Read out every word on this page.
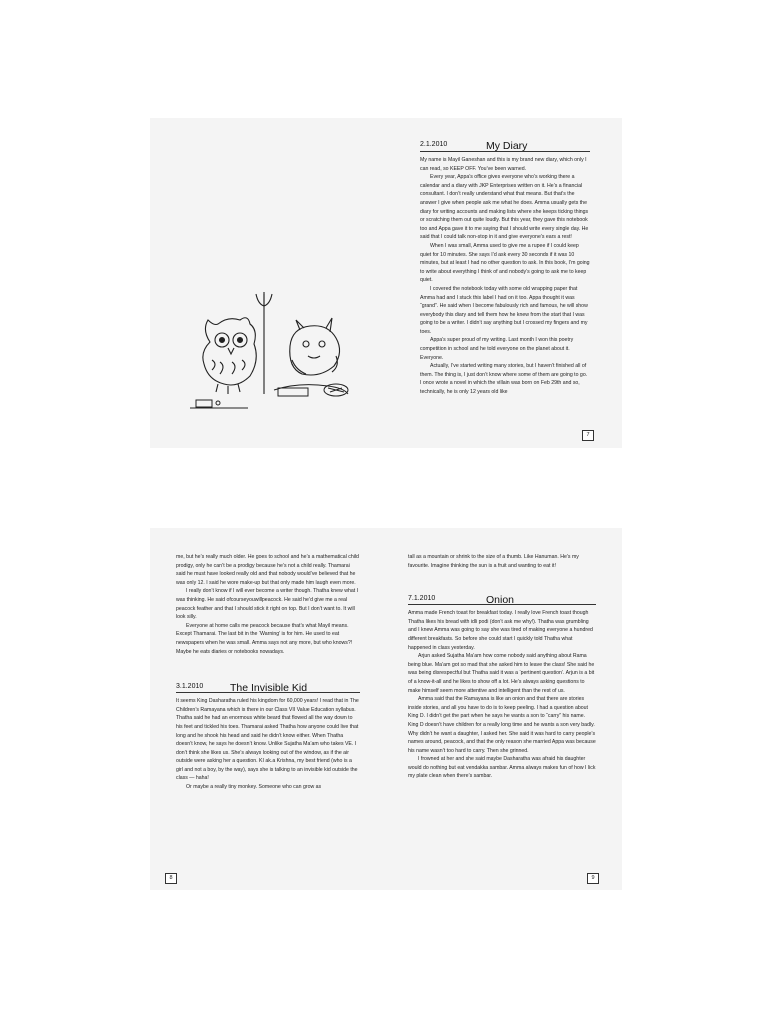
2.1.2010	My Diary

My name is Mayil Ganeshan and this is my brand new diary, which only I can read, so KEEP OFF. You’ve been warned.

Every year, Appa’s office gives everyone who’s working there a calendar and a diary with JKP Enterprises written on it. He’s a financial consultant. I don’t really understand what that means. But that’s the answer I give when people ask me what he does. Amma usually gets the diary for writing accounts and making lists where she keeps ticking things or scratching them out quite loudly. But this year, they gave this notebook too and Appa gave it to me saying that I should write every single day. He said that I could talk non-stop in it and give everyone’s ears a rest!

When I was small, Amma used to give me a rupee if I could keep quiet for 10 minutes. She says I’d ask every 30 seconds if it was 10 minutes, but at least I had no other question to ask. In this book, I’m going to write about everything I think of and nobody’s going to ask me to keep quiet.

I covered the notebook today with some old wrapping paper that Amma had and I stuck this label I had on it too. Appa thought it was “grand”. He said when I become fabulously rich and famous, he will show everybody this diary and tell them how he knew from the start that I was going to be a writer. I didn’t say anything but I crossed my fingers and my toes.

Appa’s super proud of my writing. Last month I won this poetry competition in school and he told everyone on the planet about it. Everyone.

Actually, I’ve started writing many stories, but I haven’t finished all of them. The thing is, I just don’t know where some of them are going to go. I once wrote a novel in which the villain was born on Feb 29th and so, technically, he is only 12 years old like

7

me, but he’s really much older. He goes to school and he’s a mathematical child prodigy, only he can’t be a prodigy because he’s not a child really. Thamarai said he must have looked really old and that nobody would’ve believed that he was only 12. I said he wore make-up but that only made him laugh even more.

I really don’t know if I will ever become a writer though. Thatha knew what I was thinking. He said ofcourseyouwillpeacock. He said he’d give me a real peacock feather and that I should stick it right on top. But I don’t want to. It will look silly.

Everyone at home calls me peacock because that’s what Mayil means. Except Thamarai. The last bit in the ‘Warning’ is for him. He used to eat newspapers when he was small. Amma says not any more, but who knows?! Maybe he eats diaries or notebooks nowadays.

3.1.2010	The Invisible Kid

It seems King Dasharatha ruled his kingdom for 60,000 years! I read that in The Children’s Ramayana which is there in our Class VII Value Education syllabus. Thatha said he had an enormous white beard that flowed all the way down to his feet and tickled his toes. Thamarai asked Thatha how anyone could live that long and he shook his head and said he didn’t know either. When Thatha doesn’t know, he says he doesn’t know. Unlike Sujatha Ma’am who takes VE. I don’t think she likes us. She’s always looking out of the window, as if the air outside were asking her a question. KI ak.a Krishna, my best friend (who is a girl and not a boy, by the way), says she is talking to an invisible kid outside the class — haha!

Or maybe a really tiny monkey. Someone who can grow as

8

tall as a mountain or shrink to the size of a thumb. Like Hanuman. He’s my favourite. Imagine thinking the sun is a fruit and wanting to eat it!

7.1.2010	Onion

Amma made French toast for breakfast today. I really love French toast though Thatha likes his bread with idli podi (don’t ask me why!). Thatha was grumbling and I knew Amma was going to say she was tired of making everyone a hundred different breakfasts. So before she could start I quickly told Thatha what happened in class yesterday.

Arjun asked Sujatha Ma’am how come nobody said anything about Rama being blue. Ma’am got so mad that she asked him to leave the class! She said he was being disrespectful but Thatha said it was a ‘pertinent question’. Arjun is a bit of a know-it-all and he likes to show off a lot. He’s always asking questions to make himself seem more attentive and intelligent than the rest of us.

Amma said that the Ramayana is like an onion and that there are stories inside stories, and all you have to do is to keep peeling. I had a question about King D. I didn’t get the part when he says he wants a son to “carry” his name. King D doesn’t have children for a really long time and he wants a son very badly. Why didn’t he want a daughter, I asked her. She said it was hard to carry people’s names around, peacock, and that the only reason she married Appa was because his name wasn’t too hard to carry. Then she grinned.

I frowned at her and she said maybe Dasharatha was afraid his daughter would do nothing but eat vendakka sambar. Amma always makes fun of how I lick my plate clean when there’s sambar.

9
